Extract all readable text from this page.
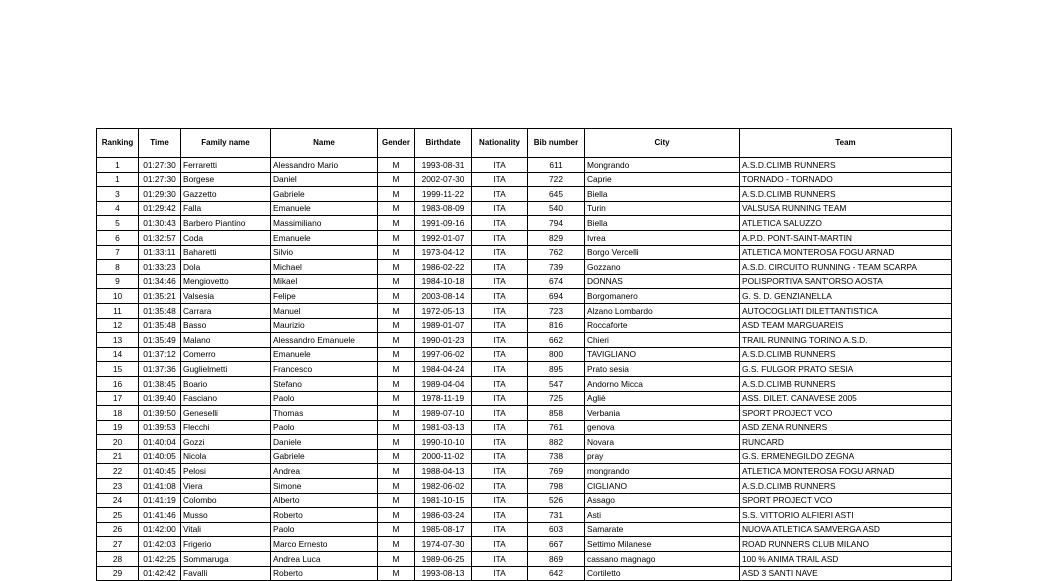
Ranking	Time	Family name	Name	Gender	Birthdate	Nationality	Bib number	City	Team
1	01:27:30	Ferraretti	Alessandro Mario	M	1993-08-31	ITA	611	Mongrando	A.S.D.CLIMB RUNNERS
1	01:27:30	Borgese	Daniel	M	2002-07-30	ITA	722	Caprie	TORNADO - TORNADO
3	01:29:30	Gazzetto	Gabriele	M	1999-11-22	ITA	645	Biella	A.S.D.CLIMB RUNNERS
4	01:29:42	Falla	Emanuele	M	1983-08-09	ITA	540	Turin	VALSUSA RUNNING TEAM
5	01:30:43	Barbero Piantino	Massimiliano	M	1991-09-16	ITA	794	Biella	ATLETICA SALUZZO
6	01:32:57	Coda	Emanuele	M	1992-01-07	ITA	829	Ivrea	A.P.D. PONT-SAINT-MARTIN
7	01:33:11	Baharetti	Silvio	M	1973-04-12	ITA	762	Borgo Vercelli	ATLETICA MONTEROSA FOGU ARNAD
8	01:33:23	Dola	Michael	M	1986-02-22	ITA	739	Gozzano	A.S.D. CIRCUITO RUNNING - TEAM SCARPA
9	01:34:46	Mengiovetto	Mikael	M	1984-10-18	ITA	674	DONNAS	POLISPORTIVA SANT'ORSO AOSTA
10	01:35:21	Valsesia	Felipe	M	2003-08-14	ITA	694	Borgomanero	G. S. D. GENZIANELLA
11	01:35:48	Carrara	Manuel	M	1972-05-13	ITA	723	Alzano Lombardo	AUTOCOGLIATI DILETTANTISTICA
12	01:35:48	Basso	Maurizio	M	1989-01-07	ITA	816	Roccaforte	ASD TEAM MARGUAREIS
13	01:35:49	Malano	Alessandro Emanuele	M	1990-01-23	ITA	662	Chieri	TRAIL RUNNING TORINO A.S.D.
14	01:37:12	Comerro	Emanuele	M	1997-06-02	ITA	800	TAVIGLIANO	A.S.D.CLIMB RUNNERS
15	01:37:36	Guglielmetti	Francesco	M	1984-04-24	ITA	895	Prato sesia	G.S. FULGOR PRATO SESIA
16	01:38:45	Boario	Stefano	M	1989-04-04	ITA	547	Andorno Micca	A.S.D.CLIMB RUNNERS
17	01:39:40	Fasciano	Paolo	M	1978-11-19	ITA	725	Agliè	ASS. DILET. CANAVESE 2005
18	01:39:50	Geneselli	Thomas	M	1989-07-10	ITA	858	Verbania	SPORT PROJECT VCO
19	01:39:53	Flecchi	Paolo	M	1981-03-13	ITA	761	genova	ASD ZENA RUNNERS
20	01:40:04	Gozzi	Daniele	M	1990-10-10	ITA	882	Novara	RUNCARD
21	01:40:05	Nicola	Gabriele	M	2000-11-02	ITA	738	pray	G.S. ERMENEGILDO ZEGNA
22	01:40:45	Pelosi	Andrea	M	1988-04-13	ITA	769	mongrando	ATLETICA MONTEROSA FOGU ARNAD
23	01:41:08	Viera	Simone	M	1982-06-02	ITA	798	CIGLIANO	A.S.D.CLIMB RUNNERS
24	01:41:19	Colombo	Alberto	M	1981-10-15	ITA	526	Assago	SPORT PROJECT VCO
25	01:41:46	Musso	Roberto	M	1986-03-24	ITA	731	Asti	S.S. VITTORIO ALFIERI ASTI
26	01:42:00	Vitali	Paolo	M	1985-08-17	ITA	603	Samarate	NUOVA ATLETICA SAMVERGA ASD
27	01:42:03	Frigerio	Marco Ernesto	M	1974-07-30	ITA	667	Settimo Milanese	ROAD RUNNERS CLUB MILANO
28	01:42:25	Sommaruga	Andrea Luca	M	1989-06-25	ITA	869	cassano magnago	100 % ANIMA TRAIL ASD
29	01:42:42	Favalli	Roberto	M	1993-08-13	ITA	642	Cortiletto	ASD 3 SANTI NAVE
